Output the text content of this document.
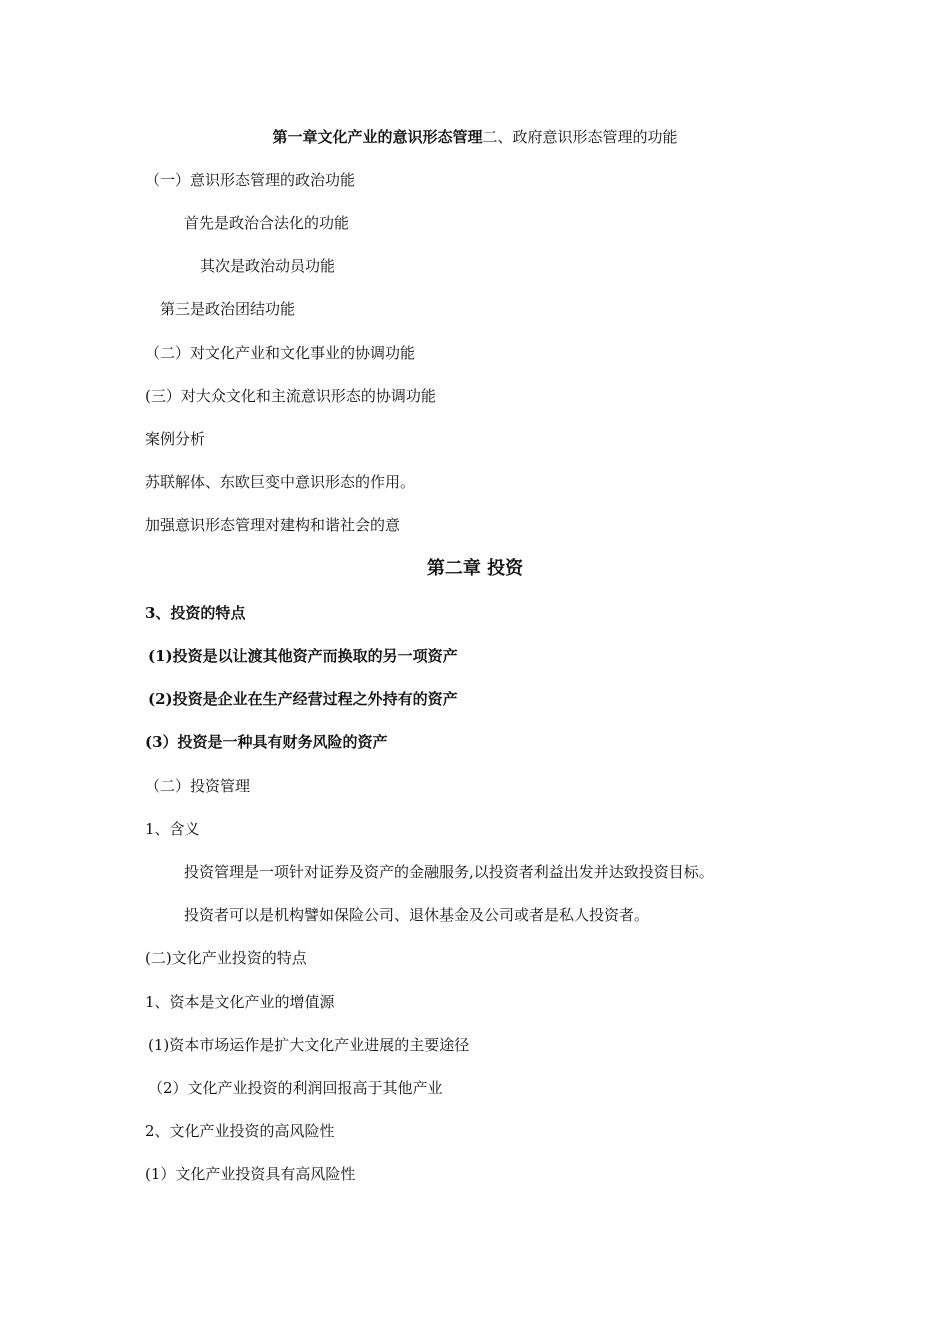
第一章文化产业的意识形态管理二、政府意识形态管理的功能
（一）意识形态管理的政治功能
首先是政治合法化的功能
其次是政治动员功能
第三是政治团结功能
（二）对文化产业和文化事业的协调功能
(三）对大众文化和主流意识形态的协调功能
案例分析
苏联解体、东欧巨变中意识形态的作用。
加强意识形态管理对建构和谐社会的意
第二章 投资
3、投资的特点
(1)投资是以让渡其他资产而换取的另一项资产
(2)投资是企业在生产经营过程之外持有的资产
(3）投资是一种具有财务风险的资产
（二）投资管理
1、含义
投资管理是一项针对证券及资产的金融服务,以投资者利益出发并达致投资目标。
投资者可以是机构譬如保险公司、退休基金及公司或者是私人投资者。
(二)文化产业投资的特点
1、资本是文化产业的增值源
(1)资本市场运作是扩大文化产业进展的主要途径
（2）文化产业投资的利润回报高于其他产业
2、文化产业投资的高风险性
(1）文化产业投资具有高风险性
